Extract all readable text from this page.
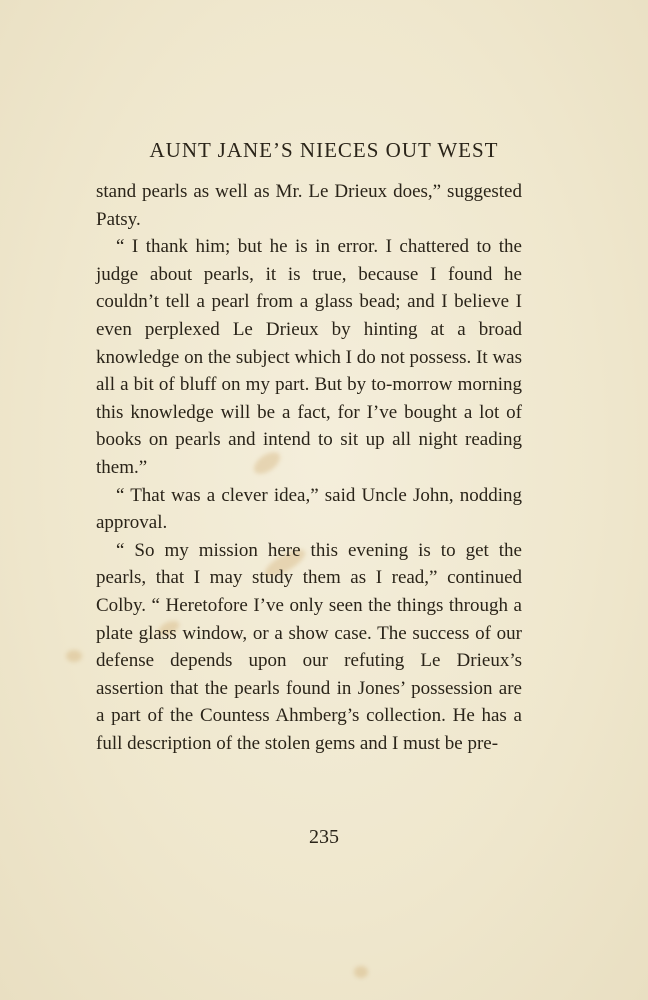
AUNT JANE’S NIECES OUT WEST

stand pearls as well as Mr. Le Drieux does,” suggested Patsy.

“ I thank him; but he is in error. I chattered to the judge about pearls, it is true, because I found he couldn’t tell a pearl from a glass bead; and I believe I even perplexed Le Drieux by hinting at a broad knowledge on the subject which I do not possess. It was all a bit of bluff on my part. But by to-morrow morning this knowledge will be a fact, for I’ve bought a lot of books on pearls and intend to sit up all night reading them.”

“ That was a clever idea,” said Uncle John, nodding approval.

“ So my mission here this evening is to get the pearls, that I may study them as I read,” continued Colby. “ Heretofore I’ve only seen the things through a plate glass window, or a show case. The success of our defense depends upon our refuting Le Drieux’s assertion that the pearls found in Jones’ possession are a part of the Countess Ahmberg’s collection. He has a full description of the stolen gems and I must be pre-

235
